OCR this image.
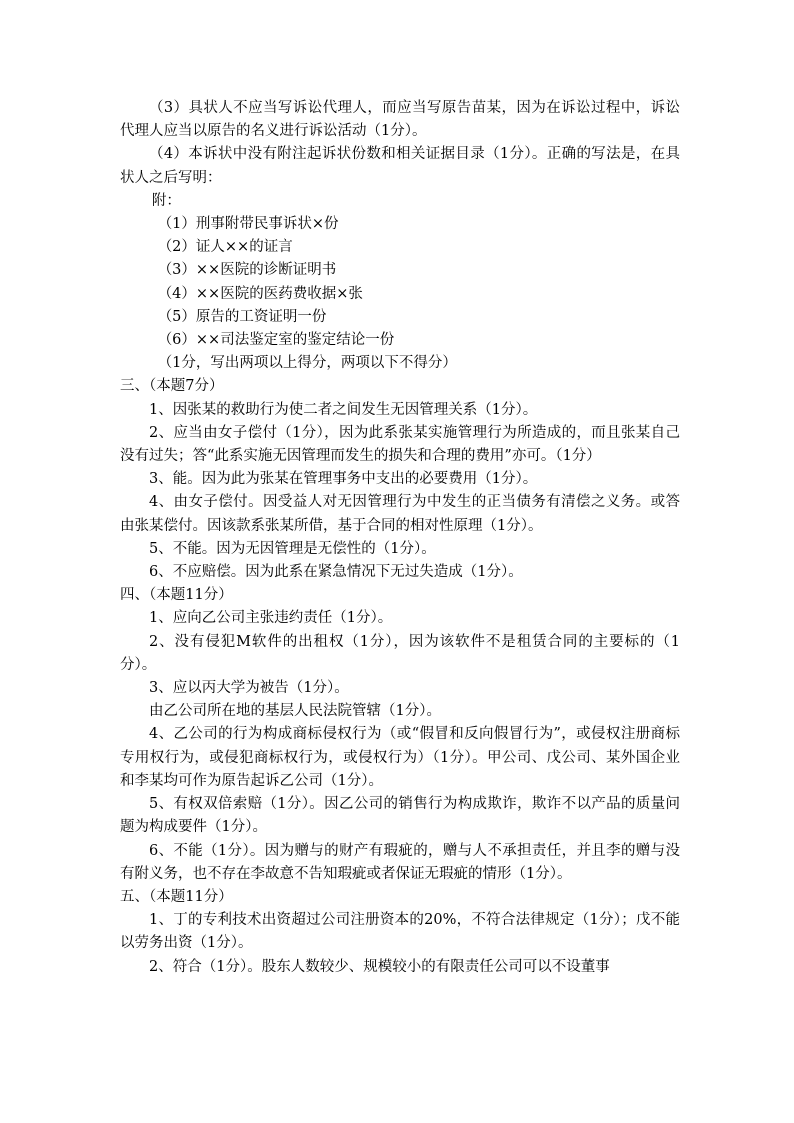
（3）具状人不应当写诉讼代理人，而应当写原告苗某，因为在诉讼过程中，诉讼代理人应当以原告的名义进行诉讼活动（1分）。

（4）本诉状中没有附注起诉状份数和相关证据目录（1分）。正确的写法是，在具状人之后写明：

附：

（1）刑事附带民事诉状×份

（2）证人××的证言

（3）××医院的诊断证明书

（4）××医院的医药费收据×张

（5）原告的工资证明一份

（6）××司法鉴定室的鉴定结论一份

（1分，写出两项以上得分，两项以下不得分）

三、（本题7分）

1、因张某的救助行为使二者之间发生无因管理关系（1分）。

2、应当由女子偿付（1分），因为此系张某实施管理行为所造成的，而且张某自己没有过失；答“此系实施无因管理而发生的损失和合理的费用”亦可。（1分）

3、能。因为此为张某在管理事务中支出的必要费用（1分）。

4、由女子偿付。因受益人对无因管理行为中发生的正当债务有清偿之义务。或答由张某偿付。因该款系张某所借，基于合同的相对性原理（1分）。

5、不能。因为无因管理是无偿性的（1分）。

6、不应赔偿。因为此系在紧急情况下无过失造成（1分）。

四、（本题11分）

1、应向乙公司主张违约责任（1分）。

2、没有侵犯M软件的出租权（1分），因为该软件不是租赁合同的主要标的（1分）。

3、应以丙大学为被告（1分）。

由乙公司所在地的基层人民法院管辖（1分）。

4、乙公司的行为构成商标侵权行为（或“假冒和反向假冒行为”，或侵权注册商标专用权行为，或侵犯商标权行为，或侵权行为）（1分）。甲公司、戊公司、某外国企业和李某均可作为原告起诉乙公司（1分）。

5、有权双倍索赔（1分）。因乙公司的销售行为构成欺诈，欺诈不以产品的质量问题为构成要件（1分）。

6、不能（1分）。因为赠与的财产有瑕疵的，赠与人不承担责任，并且李的赠与没有附义务，也不存在李故意不告知瑕疵或者保证无瑕疵的情形（1分）。

五、（本题11分）

1、丁的专利技术出资超过公司注册资本的20%，不符合法律规定（1分）；戊不能以劳务出资（1分）。

2、符合（1分）。股东人数较少、规模较小的有限责任公司可以不设董事
